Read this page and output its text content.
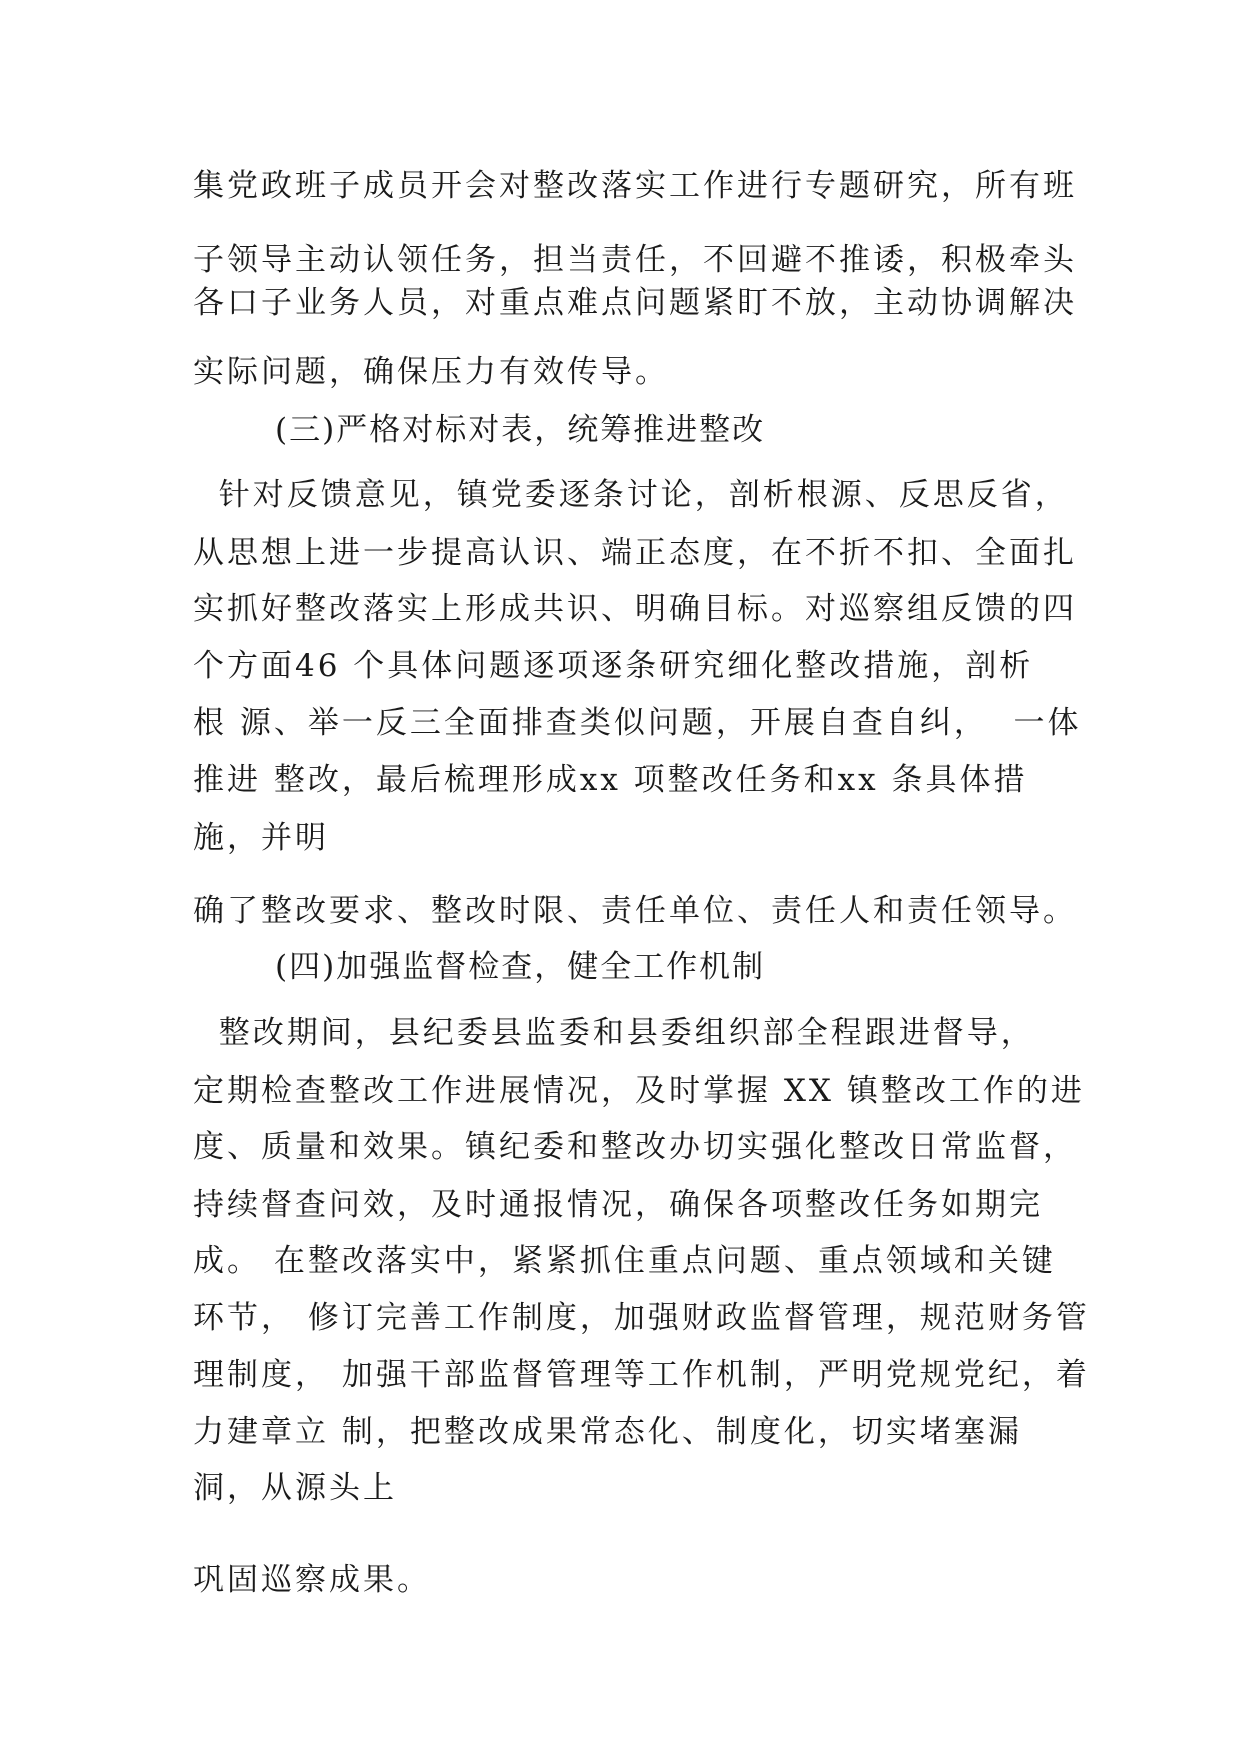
集党政班子成员开会对整改落实工作进行专题研究，所有班

子领导主动认领任务，担当责任，不回避不推诿，积极牵头

各口子业务人员，对重点难点问题紧盯不放，主动协调解决

实际问题，确保压力有效传导。

(三)严格对标对表，统筹推进整改

针对反馈意见，镇党委逐条讨论，剖析根源、反思反省，

从思想上进一步提高认识、端正态度，在不折不扣、全面扎

实抓好整改落实上形成共识、明确目标。对巡察组反馈的四

个方面46 个具体问题逐项逐条研究细化整改措施，剖析

根 源、举一反三全面排查类似问题，开展自查自纠，  一体

推进 整改，最后梳理形成xx 项整改任务和xx 条具体措

施，并明

确了整改要求、整改时限、责任单位、责任人和责任领导。

(四)加强监督检查，健全工作机制

整改期间，县纪委县监委和县委组织部全程跟进督导，

定期检查整改工作进展情况，及时掌握 XX 镇整改工作的进

度、质量和效果。镇纪委和整改办切实强化整改日常监督，

持续督查问效，及时通报情况，确保各项整改任务如期完

成。 在整改落实中，紧紧抓住重点问题、重点领域和关键

环节， 修订完善工作制度，加强财政监督管理，规范财务管

理制度， 加强干部监督管理等工作机制，严明党规党纪，着

力建章立 制，把整改成果常态化、制度化，切实堵塞漏

洞，从源头上

巩固巡察成果。
